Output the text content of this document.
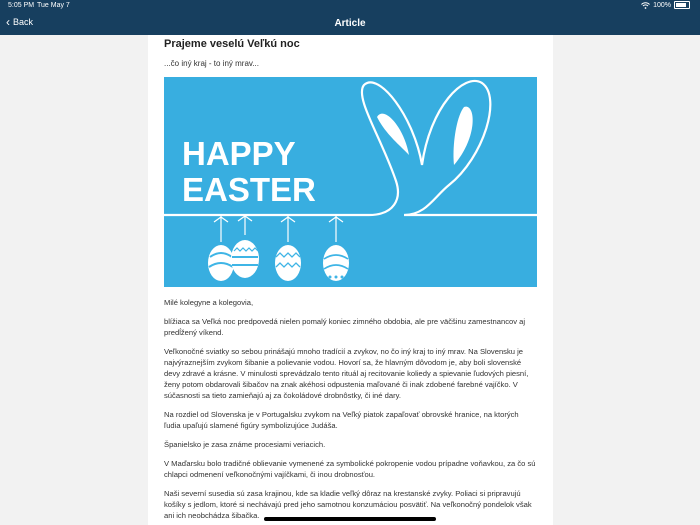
5:05 PM Tue May 7	100%
‹ Back	Article
Prajeme veselú Veľkú noc
...čo iný kraj - to iný mrav...
HAPPY
EASTER

Milé kolegyne a kolegovia,

blížiaca sa Veľká noc predpovedá nielen pomalý koniec zimného obdobia, ale pre väčšinu zamestnancov aj predĺžený víkend.

Veľkonočné sviatky so sebou prinášajú mnoho tradícií a zvykov, no čo iný kraj to iný mrav. Na Slovensku je najvýraznejším zvykom šibanie a polievanie vodou. Hovorí sa, že hlavným dôvodom je, aby boli slovenské devy zdravé a krásne. V minulosti sprevádzalo tento rituál aj recitovanie koliedy a spievanie ľudových piesní, ženy potom obdarovali šibačov na znak akéhosi odpustenia maľované či inak zdobené farebné vajíčko. V súčasnosti sa tieto zamieňajú aj za čokoládové drobnôstky, či iné dary.

Na rozdiel od Slovenska je v Portugalsku zvykom na Veľký piatok zapaľovať obrovské hranice, na ktorých ľudia upaľujú slamené figúry symbolizujúce Judáša.

Španielsko je zasa známe procesiami veriacich.

V Maďarsku bolo tradičné oblievanie vymenené za symbolické pokropenie vodou prípadne voňavkou, za čo sú chlapci odmenení veľkonočnými vajíčkami, či inou drobnosťou.

Naši severní susedia sú zasa krajinou, kde sa kladie veľký dôraz na krestanské zvyky. Poliaci si pripravujú košíky s jedlom, ktoré si nechávajú pred jeho samotnou konzumáciou posvätiť. Na veľkonočný pondelok však ani ich neobchádza šibačka.
